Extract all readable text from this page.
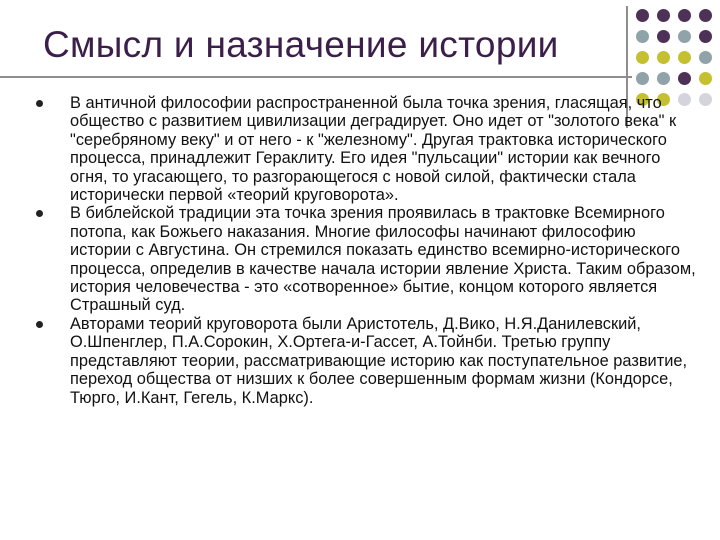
Смысл и назначение истории
В античной философии распространенной была точка зрения, гласящая, что общество с развитием цивилизации деградирует. Оно идет от "золотого века" к "серебряному веку" и от него - к "железному". Другая трактовка исторического процесса, принадлежит Гераклиту. Его идея "пульсации" истории как вечного огня, то угасающего, то разгорающегося с новой силой, фактически стала исторически первой «теорий круговорота».
В библейской традиции эта точка зрения проявилась в трактовке Всемирного потопа, как Божьего наказания. Многие философы начинают философию истории с Августина. Он стремился показать единство всемирно-исторического процесса, определив в качестве начала истории явление Христа. Таким образом, история человечества - это «сотворенное» бытие, концом которого является Страшный суд.
Авторами теорий круговорота были Аристотель, Д.Вико, Н.Я.Данилевский, О.Шпенглер, П.А.Сорокин, Х.Ортега-и-Гассет, А.Тойнби. Третью группу представляют теории, рассматривающие историю как поступательное развитие, переход общества от низших к более совершенным формам жизни (Кондорсе, Тюрго, И.Кант, Гегель, К.Маркс).
